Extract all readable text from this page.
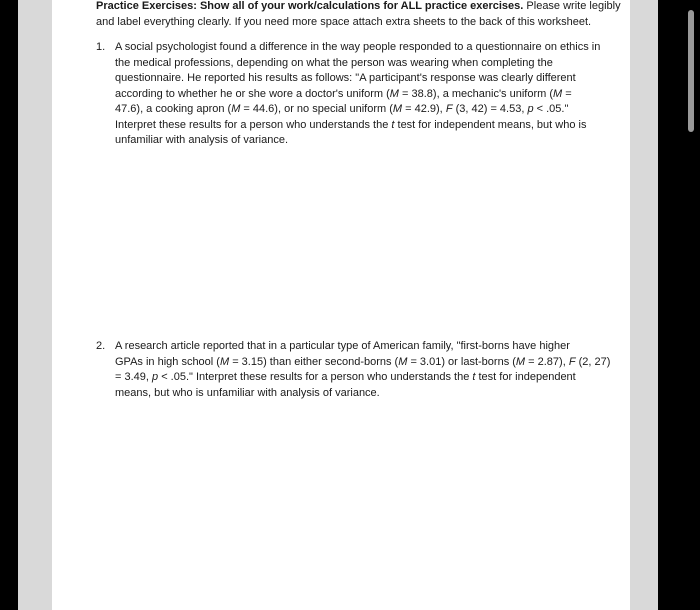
Practice Exercises: Show all of your work/calculations for ALL practice exercises. Please write legibly
and label everything clearly. If you need more space attach extra sheets to the back of this worksheet.

1. A social psychologist found a difference in the way people responded to a questionnaire on ethics in
the medical professions, depending on what the person was wearing when completing the
questionnaire. He reported his results as follows: "A participant's response was clearly different
according to whether he or she wore a doctor's uniform (M = 38.8), a mechanic's uniform (M =
47.6), a cooking apron (M = 44.6), or no special uniform (M = 42.9), F (3, 42) = 4.53, p < .05."
Interpret these results for a person who understands the t test for independent means, but who is
unfamiliar with analysis of variance.
2. A research article reported that in a particular type of American family, "first-borns have higher
GPAs in high school (M = 3.15) than either second-borns (M = 3.01) or last-borns (M = 2.87), F (2, 27)
= 3.49, p < .05." Interpret these results for a person who understands the t test for independent
means, but who is unfamiliar with analysis of variance.
